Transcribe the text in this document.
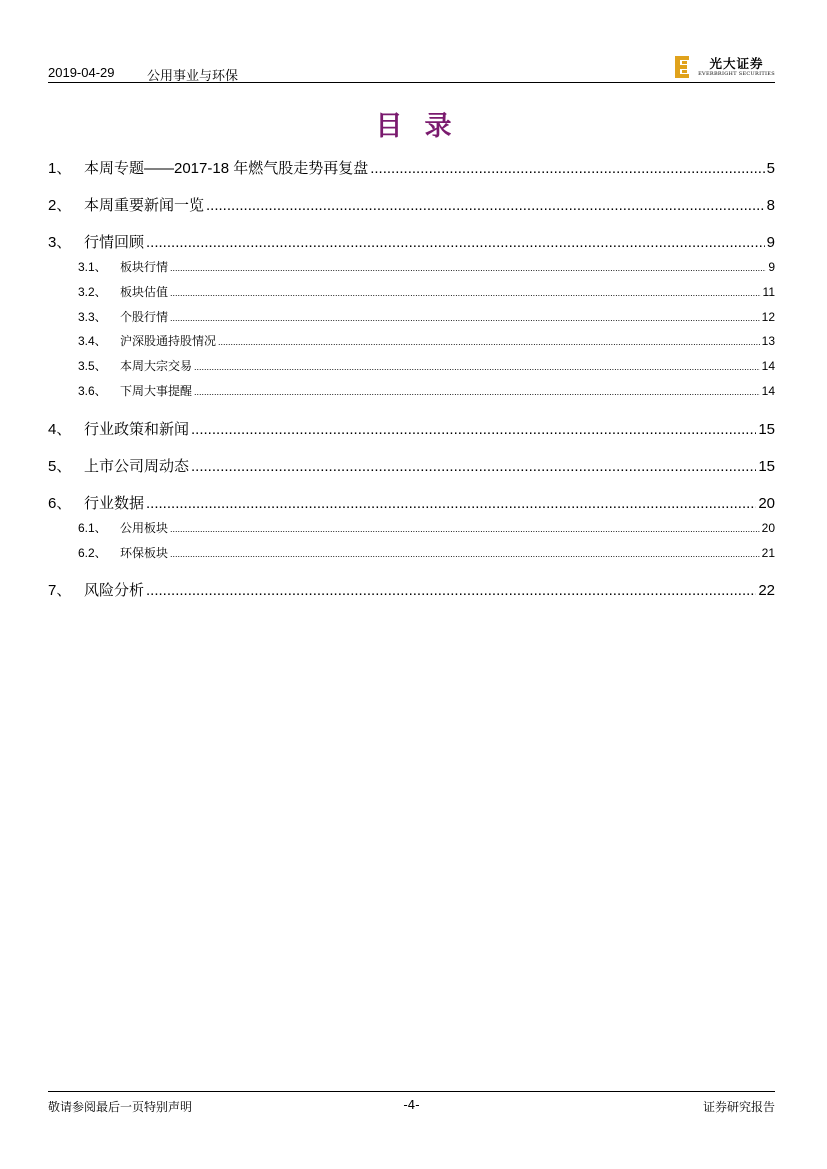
2019-04-29	公用事业与环保
光大证券
EVERBRIGHT SECURITIES
目录
1、 本周专题——2017-18 年燃气股走势再复盘 .....	5
2、 本周重要新闻一览 .....	8
3、 行情回顾 .....	9
3.1、	板块行情 .....	9
3.2、	板块估值 .....	11
3.3、	个股行情 .....	12
3.4、	沪深股通持股情况 .....	13
3.5、	本周大宗交易 .....	14
3.6、	下周大事提醒 .....	14
4、 行业政策和新闻 .....	15
5、 上市公司周动态 .....	15
6、 行业数据 .....	20
6.1、	公用板块 .....	20
6.2、	环保板块 .....	21
7、 风险分析 .....	22
敬请参阅最后一页特别声明	-4-	证券研究报告
